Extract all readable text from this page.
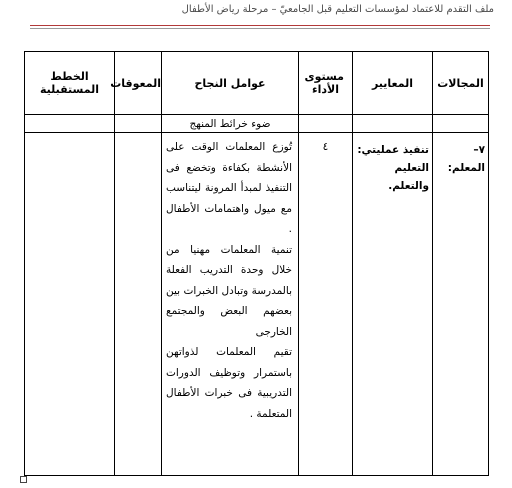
ملف التقدم للاعتماد لمؤسسات التعليم قبل الجامعيّ – مرحلة رياض الأطفال
المجالات	المعايير	مستوى الأداء	عوامل النجاح	المعوقات	الخطط المستقبلية
			ضوء خرائط المنهج		
٧– المعلم:	تنفيذ عمليتي: التعليم والتعلم.	٤	تُوزع المعلمات الوقت على الأنشطة بكفاءة وتخضع فى التنفيذ لمبدأ المرونة ليتناسب مع ميول واهتمامات الأطفال .

تنمية المعلمات مهنيا من خلال وحدة التدريب الفعلة بالمدرسة وتبادل الخبرات بين بعضهم البعض والمجتمع الخارجى

تقيم المعلمات لذواتهن باستمرار وتوظيف الدورات التدريبية فى خبرات الأطفال المتعلمة .		
